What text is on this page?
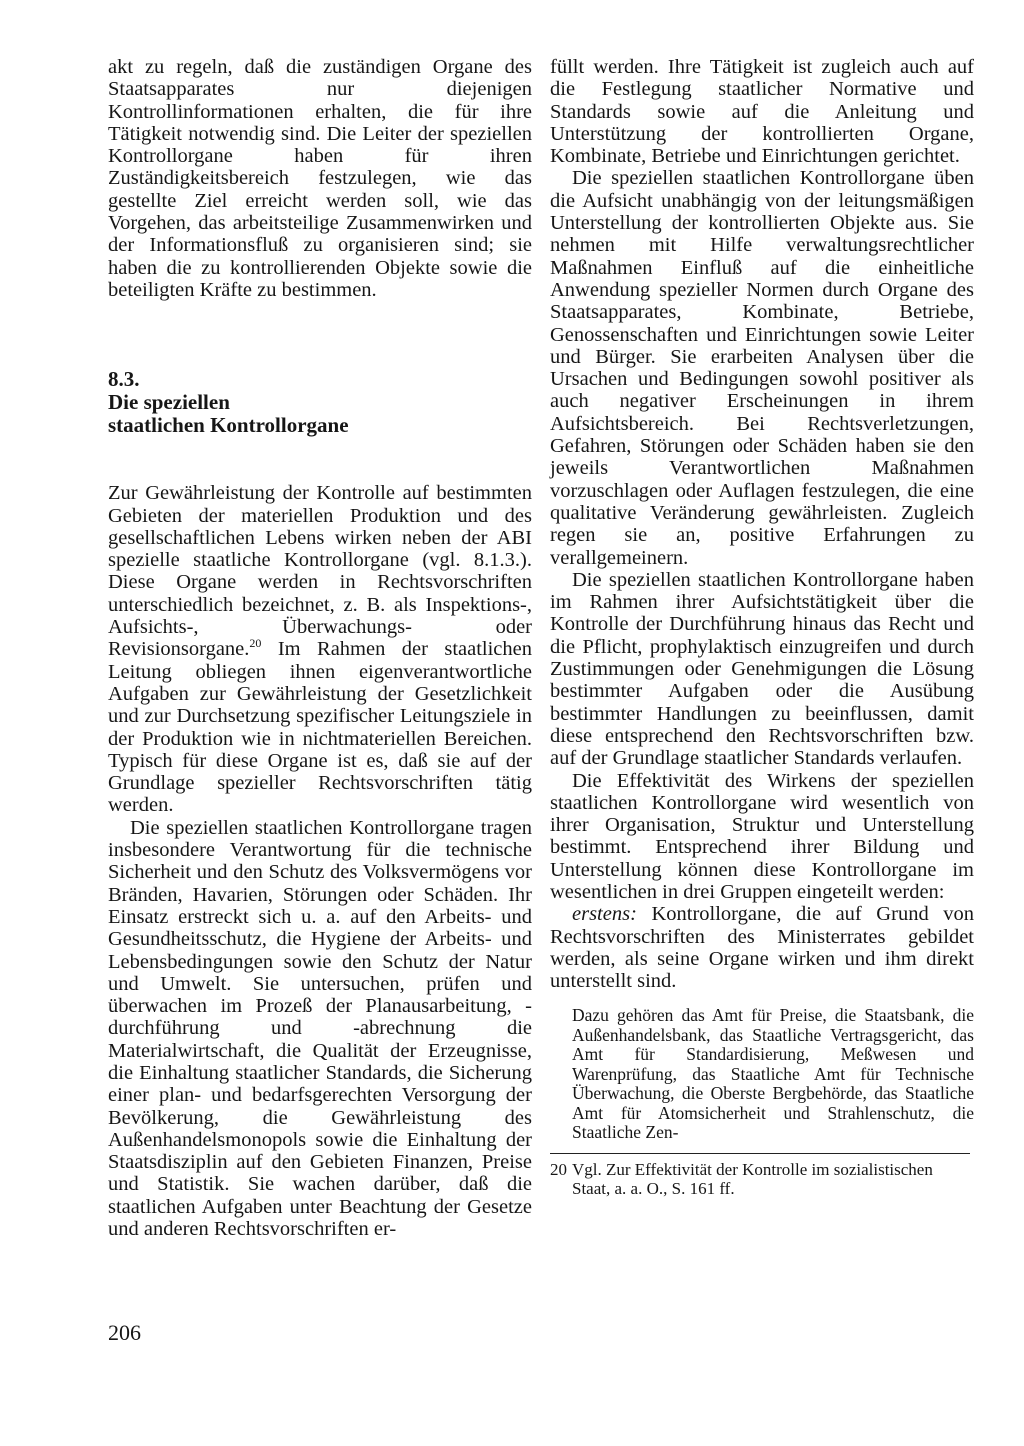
akt zu regeln, daß die zuständigen Organe des Staatsapparates nur diejenigen Kontrollinformationen erhalten, die für ihre Tätigkeit notwendig sind. Die Leiter der speziellen Kontrollorgane haben für ihren Zuständigkeitsbereich festzulegen, wie das gestellte Ziel erreicht werden soll, wie das Vorgehen, das arbeitsteilige Zusammenwirken und der Informationsfluß zu organisieren sind; sie haben die zu kontrollierenden Objekte sowie die beteiligten Kräfte zu bestimmen.

8.3.
Die speziellen
staatlichen Kontrollorgane

Zur Gewährleistung der Kontrolle auf bestimmten Gebieten der materiellen Produktion und des gesellschaftlichen Lebens wirken neben der ABI spezielle staatliche Kontrollorgane (vgl. 8.1.3.). Diese Organe werden in Rechtsvorschriften unterschiedlich bezeichnet, z. B. als Inspektions-, Aufsichts-, Überwachungs- oder Revisionsorgane.$^{20}$ Im Rahmen der staatlichen Leitung obliegen ihnen eigenverantwortliche Aufgaben zur Gewährleistung der Gesetzlichkeit und zur Durchsetzung spezifischer Leitungsziele in der Produktion wie in nichtmateriellen Bereichen. Typisch für diese Organe ist es, daß sie auf der Grundlage spezieller Rechtsvorschriften tätig werden.

Die speziellen staatlichen Kontrollorgane tragen insbesondere Verantwortung für die technische Sicherheit und den Schutz des Volksvermögens vor Bränden, Havarien, Störungen oder Schäden. Ihr Einsatz erstreckt sich u. a. auf den Arbeits- und Gesundheitsschutz, die Hygiene der Arbeits- und Lebensbedingungen sowie den Schutz der Natur und Umwelt. Sie untersuchen, prüfen und überwachen im Prozeß der Planausarbeitung, -durchführung und -abrechnung die Materialwirtschaft, die Qualität der Erzeugnisse, die Einhaltung staatlicher Standards, die Sicherung einer plan- und bedarfsgerechten Versorgung der Bevölkerung, die Gewährleistung des Außenhandelsmonopols sowie die Einhaltung der Staatsdisziplin auf den Gebieten Finanzen, Preise und Statistik. Sie wachen darüber, daß die staatlichen Aufgaben unter Beachtung der Gesetze und anderen Rechtsvorschriften er-

füllt werden. Ihre Tätigkeit ist zugleich auch auf die Festlegung staatlicher Normative und Standards sowie auf die Anleitung und Unterstützung der kontrollierten Organe, Kombinate, Betriebe und Einrichtungen gerichtet.

Die speziellen staatlichen Kontrollorgane üben die Aufsicht unabhängig von der leitungsmäßigen Unterstellung der kontrollierten Objekte aus. Sie nehmen mit Hilfe verwaltungsrechtlicher Maßnahmen Einfluß auf die einheitliche Anwendung spezieller Normen durch Organe des Staatsapparates, Kombinate, Betriebe, Genossenschaften und Einrichtungen sowie Leiter und Bürger. Sie erarbeiten Analysen über die Ursachen und Bedingungen sowohl positiver als auch negativer Erscheinungen in ihrem Aufsichtsbereich. Bei Rechtsverletzungen, Gefahren, Störungen oder Schäden haben sie den jeweils Verantwortlichen Maßnahmen vorzuschlagen oder Auflagen festzulegen, die eine qualitative Veränderung gewährleisten. Zugleich regen sie an, positive Erfahrungen zu verallgemeinern.

Die speziellen staatlichen Kontrollorgane haben im Rahmen ihrer Aufsichtstätigkeit über die Kontrolle der Durchführung hinaus das Recht und die Pflicht, prophylaktisch einzugreifen und durch Zustimmungen oder Genehmigungen die Lösung bestimmter Aufgaben oder die Ausübung bestimmter Handlungen zu beeinflussen, damit diese entsprechend den Rechtsvorschriften bzw. auf der Grundlage staatlicher Standards verlaufen.

Die Effektivität des Wirkens der speziellen staatlichen Kontrollorgane wird wesentlich von ihrer Organisation, Struktur und Unterstellung bestimmt. Entsprechend ihrer Bildung und Unterstellung können diese Kontrollorgane im wesentlichen in drei Gruppen eingeteilt werden:

erstens: Kontrollorgane, die auf Grund von Rechtsvorschriften des Ministerrates gebildet werden, als seine Organe wirken und ihm direkt unterstellt sind.

Dazu gehören das Amt für Preise, die Staatsbank, die Außenhandelsbank, das Staatliche Vertragsgericht, das Amt für Standardisierung, Meßwesen und Warenprüfung, das Staatliche Amt für Technische Überwachung, die Oberste Bergbehörde, das Staatliche Amt für Atomsicherheit und Strahlenschutz, die Staatliche Zen-

20 Vgl. Zur Effektivität der Kontrolle im sozialistischen Staat, a. a. O., S. 161 ff.
206
